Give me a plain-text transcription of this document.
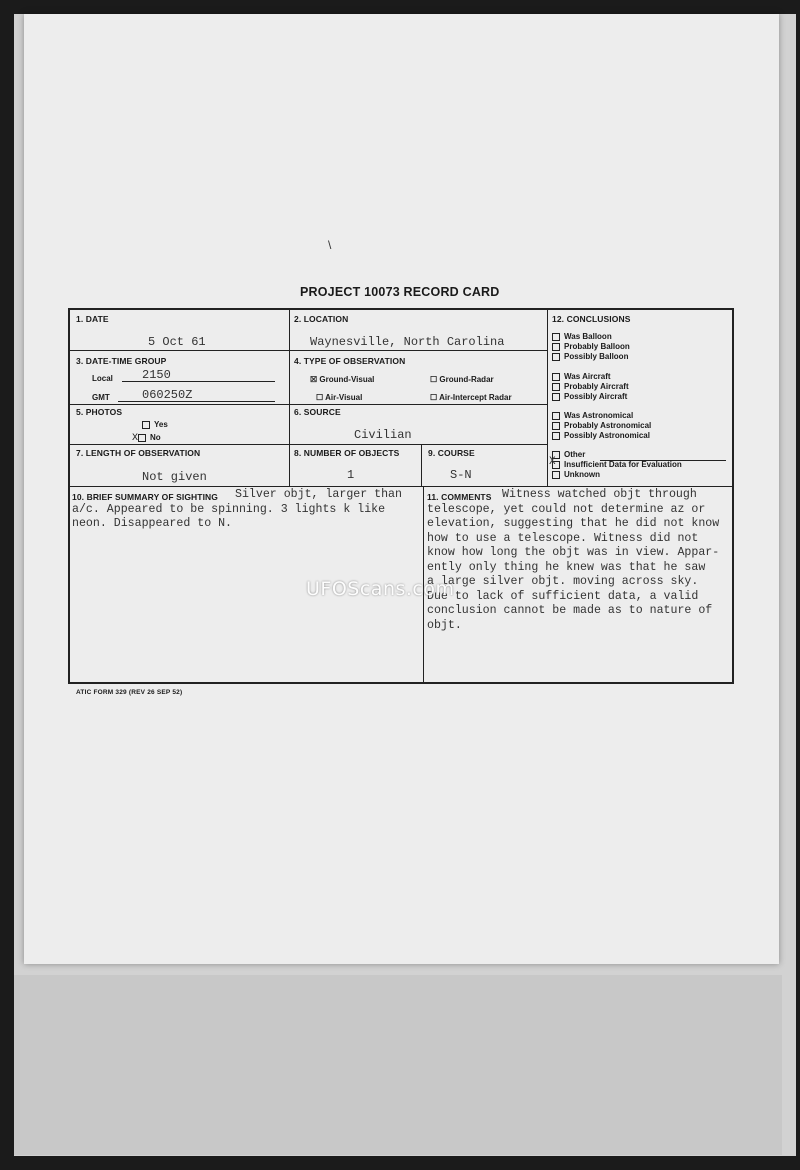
\
PROJECT 10073 RECORD CARD
1. DATE
5 Oct 61
2. LOCATION
Waynesville, North Carolina
3. DATE-TIME GROUP
Local 2150
GMT	060250Z
4. TYPE OF OBSERVATION
☒ Ground-Visual	☐ Ground-Radar
☐ Air-Visual	☐ Air-Intercept Radar
5. PHOTOS
Yes
X No
6. SOURCE
Civilian
7. LENGTH OF OBSERVATION
Not given
8. NUMBER OF OBJECTS
1
9. COURSE
S-N
12. CONCLUSIONS
Was Balloon
Probably Balloon
Possibly Balloon
Was Aircraft
Probably Aircraft
Possibly Aircraft
Was Astronomical
Probably Astronomical
Possibly Astronomical
Other
Insufficient Data for Evaluation
X
Unknown
10. BRIEF SUMMARY OF SIGHTING Silver objt, larger than
a/c. Appeared to be spinning. 3 lights k like
neon. Disappeared to N.
11. COMMENTS Witness watched objt through
telescope, yet could not determine az or
elevation, suggesting that he did not know
how to use a telescope. Witness did not
know how long the objt was in view. Appar-
ently only thing he knew was that he saw
a large silver objt. moving across sky.
Due to lack of sufficient data, a valid
conclusion cannot be made as to nature of
objt.
UFOScans.com
ATIC FORM 329 (REV 26 SEP 52)
